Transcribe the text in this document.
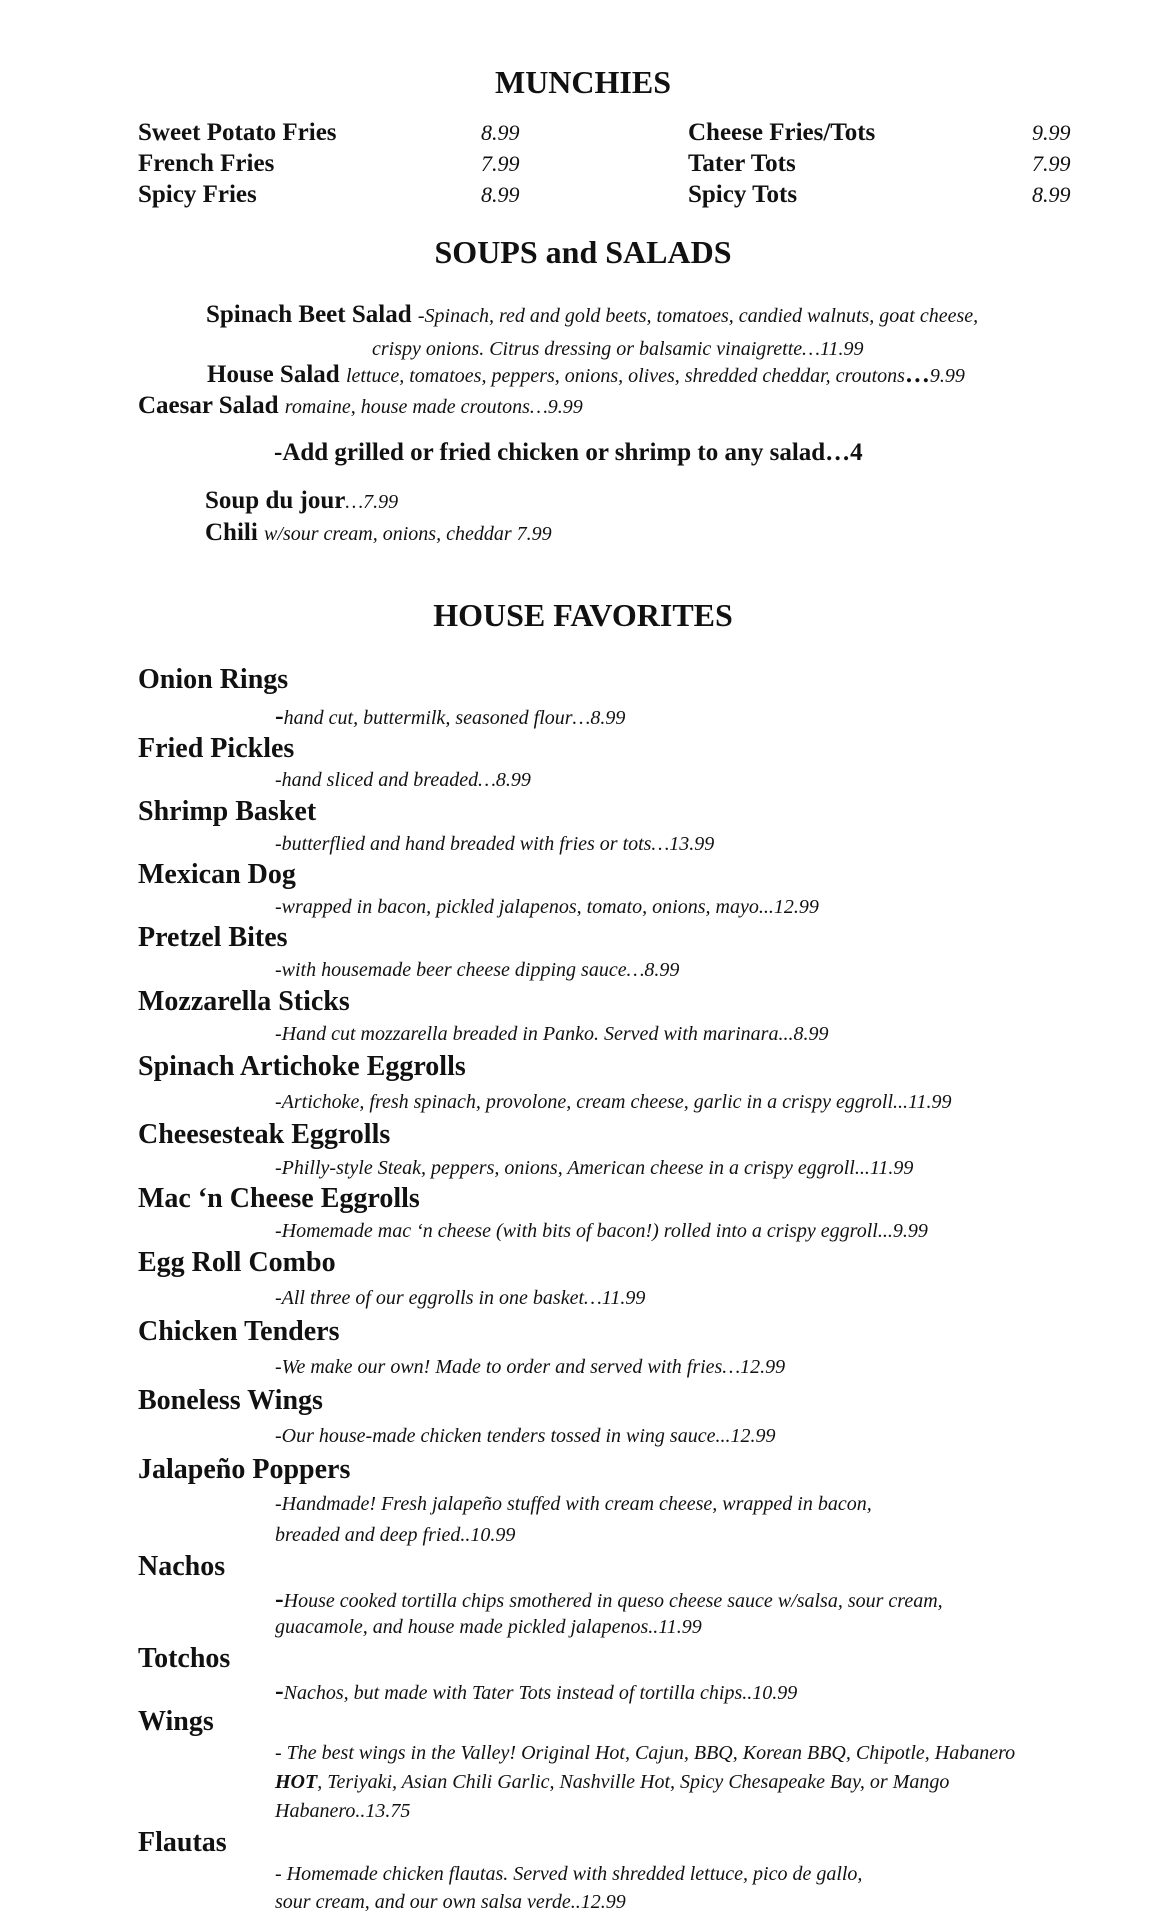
MUNCHIES
Sweet Potato Fries	8.99
French Fries	7.99
Spicy Fries	8.99
Cheese Fries/Tots	9.99
Tater Tots	7.99
Spicy Tots	8.99
SOUPS and SALADS
Spinach Beet Salad -Spinach, red and gold beets, tomatoes, candied walnuts, goat cheese,
crispy onions. Citrus dressing or balsamic vinaigrette…11.99
House Salad lettuce, tomatoes, peppers, onions, olives, shredded cheddar, croutons…9.99
Caesar Salad romaine, house made croutons…9.99
-Add grilled or fried chicken or shrimp to any salad…4
Soup du jour…7.99
Chili w/sour cream, onions, cheddar 7.99
HOUSE FAVORITES
Onion Rings
-hand cut, buttermilk, seasoned flour…8.99
Fried Pickles
-hand sliced and breaded…8.99
Shrimp Basket
-butterflied and hand breaded with fries or tots…13.99
Mexican Dog
-wrapped in bacon, pickled jalapenos, tomato, onions, mayo...12.99
Pretzel Bites
-with housemade beer cheese dipping sauce…8.99
Mozzarella Sticks
-Hand cut mozzarella breaded in Panko. Served with marinara...8.99
Spinach Artichoke Eggrolls
-Artichoke, fresh spinach, provolone, cream cheese, garlic in a crispy eggroll...11.99
Cheesesteak Eggrolls
-Philly-style Steak, peppers, onions, American cheese in a crispy eggroll...11.99
Mac ‘n Cheese Eggrolls
-Homemade mac ‘n cheese (with bits of bacon!) rolled into a crispy eggroll...9.99
Egg Roll Combo
-All three of our eggrolls in one basket…11.99
Chicken Tenders
-We make our own! Made to order and served with fries…12.99
Boneless Wings
-Our house-made chicken tenders tossed in wing sauce...12.99
Jalapeño Poppers
-Handmade! Fresh jalapeño stuffed with cream cheese, wrapped in bacon,
breaded and deep fried..10.99
Nachos
-House cooked tortilla chips smothered in queso cheese sauce w/salsa, sour cream,
guacamole, and house made pickled jalapenos..11.99
Totchos
-Nachos, but made with Tater Tots instead of tortilla chips..10.99
Wings
- The best wings in the Valley! Original Hot, Cajun, BBQ, Korean BBQ, Chipotle, Habanero
HOT, Teriyaki, Asian Chili Garlic, Nashville Hot, Spicy Chesapeake Bay, or Mango
Habanero..13.75
Flautas
- Homemade chicken flautas. Served with shredded lettuce, pico de gallo,
sour cream, and our own salsa verde..12.99
